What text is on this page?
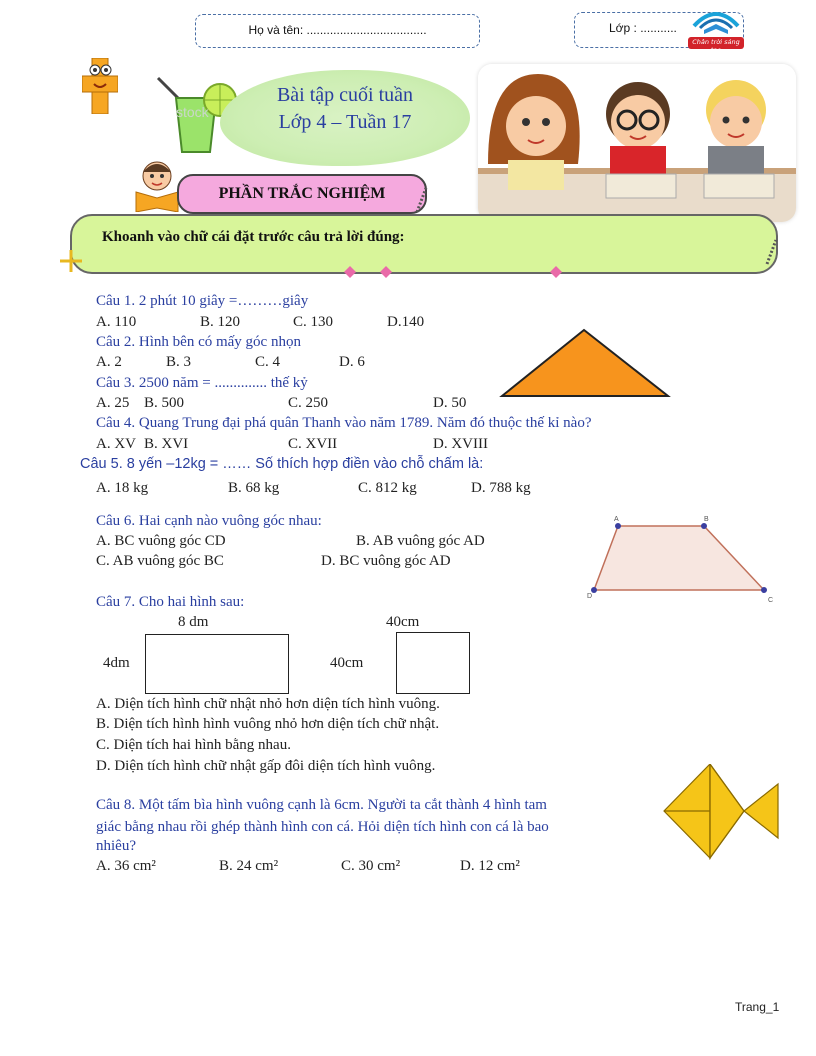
Họ và tên: ....................................	Lớp : ...........
Chân trời sáng tạo
stock
Bài tập cuối tuần
Lớp 4 – Tuần 17
PHẦN TRẮC NGHIỆM
Khoanh vào chữ cái đặt trước câu trả lời đúng:
Câu 1. 2 phút 10 giây =………giây
A. 110	B. 120	C. 130	D.140
Câu 2. Hình bên có mấy góc nhọn
A. 2	B. 3	C. 4	D. 6
Câu 3. 2500 năm = .............. thế kỷ
A. 25 B. 500	C. 250	D. 50
Câu 4. Quang Trung đại phá quân Thanh vào năm 1789. Năm đó thuộc thế kỉ nào?
A. XV B. XVI	C. XVII	D. XVIII
Câu 5. 8 yến –12kg = …… Số thích hợp điền vào chỗ chấm là:
A. 18 kg	B. 68 kg	C. 812 kg	D. 788 kg
Câu 6. Hai cạnh nào vuông góc nhau:
A. BC vuông góc CD	B. AB vuông góc AD
C. AB vuông góc BC	D. BC vuông góc AD
A	B
C
D
Câu 7. Cho hai hình sau:
8 dm	40cm
4dm	40cm
A. Diện tích hình chữ nhật nhỏ hơn diện tích hình vuông.
B. Diện tích hình hình vuông nhỏ hơn diện tích chữ nhật.
C. Diện tích hai hình bằng nhau.
D. Diện tích hình chữ nhật gấp đôi diện tích hình vuông.
Câu 8. Một tấm bìa hình vuông cạnh là 6cm. Người ta cắt thành 4 hình tam
giác bằng nhau rồi ghép thành hình con cá. Hỏi diện tích hình con cá là bao
nhiêu?
A. 36 cm²	B. 24 cm²	C. 30 cm²	D. 12 cm²
Trang_1
